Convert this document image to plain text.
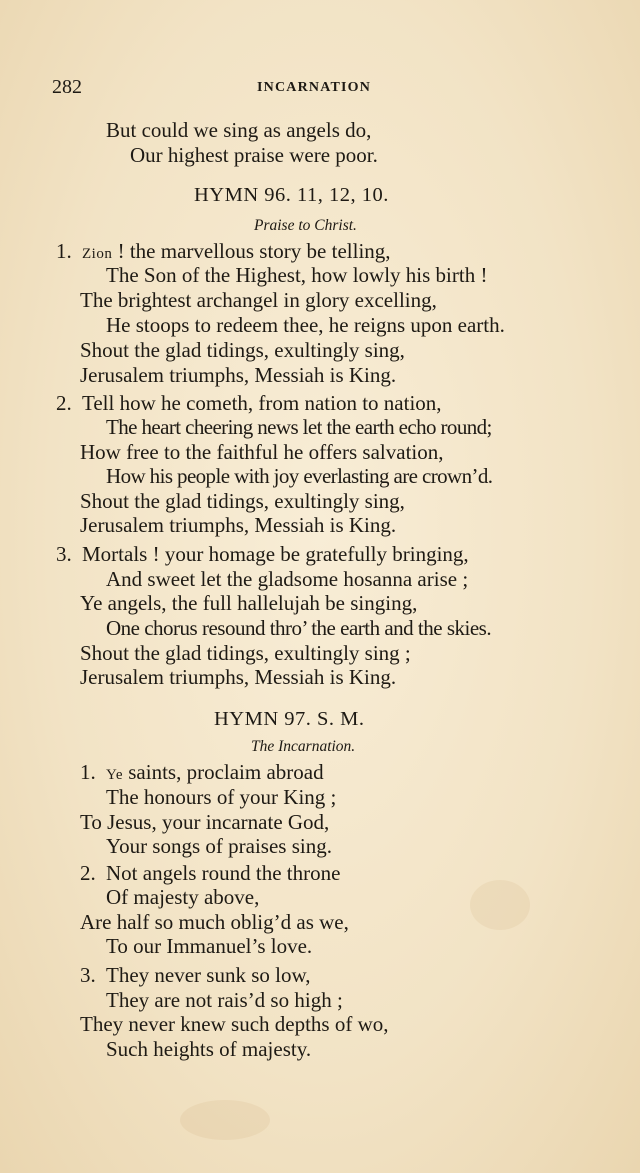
282	INCARNATION
But could we sing as angels do,
Our highest praise were poor.
HYMN 96. 11, 12, 10.
Praise to Christ.
1. Zion ! the marvellous story be telling,
The Son of the Highest, how lowly his birth !
The brightest archangel in glory excelling,
He stoops to redeem thee, he reigns upon earth.
Shout the glad tidings, exultingly sing,
Jerusalem triumphs, Messiah is King.
2. Tell how he cometh, from nation to nation,
The heart cheering news let the earth echo round;
How free to the faithful he offers salvation,
How his people with joy everlasting are crown’d.
Shout the glad tidings, exultingly sing,
Jerusalem triumphs, Messiah is King.
3. Mortals ! your homage be gratefully bringing,
And sweet let the gladsome hosanna arise ;
Ye angels, the full hallelujah be singing,
One chorus resound thro’ the earth and the skies.
Shout the glad tidings, exultingly sing ;
Jerusalem triumphs, Messiah is King.
HYMN 97. S. M.
The Incarnation.
1. Ye saints, proclaim abroad
The honours of your King ;
To Jesus, your incarnate God,
Your songs of praises sing.
2. Not angels round the throne
Of majesty above,
Are half so much oblig’d as we,
To our Immanuel’s love.
3. They never sunk so low,
They are not rais’d so high ;
They never knew such depths of wo,
Such heights of majesty.
